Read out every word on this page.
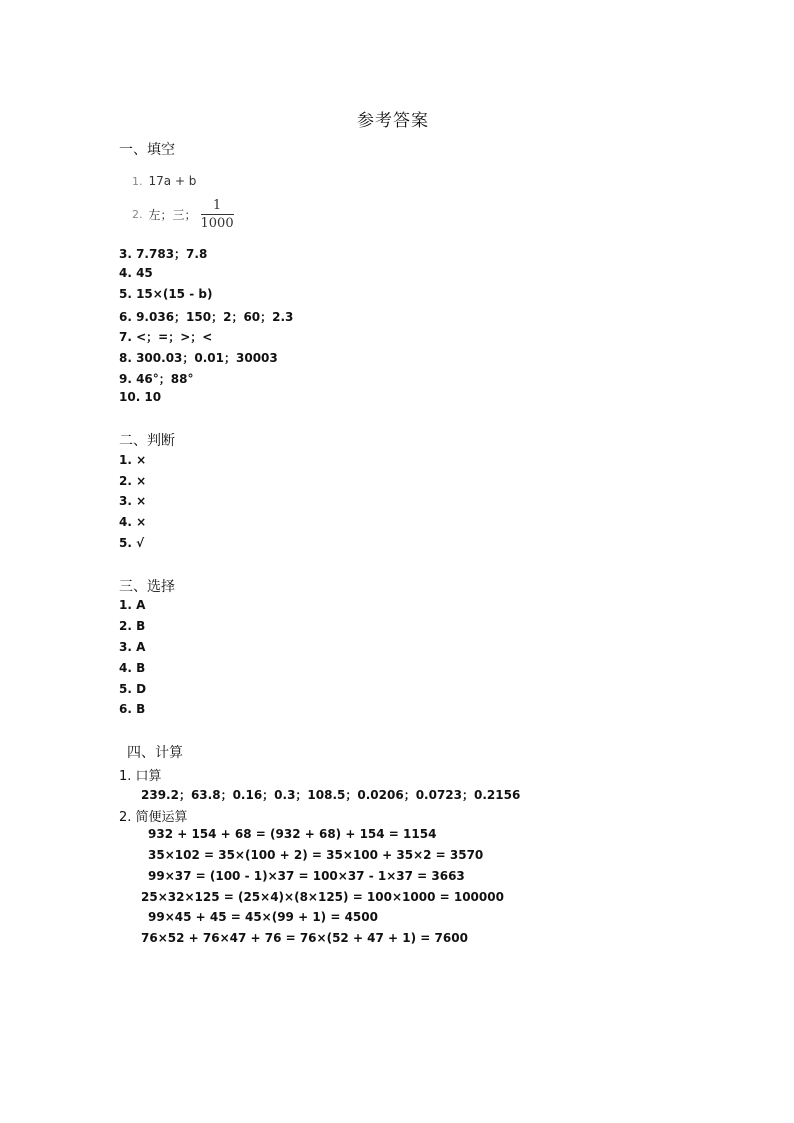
参考答案
一、填空
1. 17a + b
2. 左；三； $\frac{1}{1000}$
3. 7.783；7.8
4. 45
5. 15×(15 - b)
6. 9.036；150；2；60；2.3
7. <；=；>；<
8. 300.03；0.01；30003
9. 46°；88°
10. 10
二、判断
1. ×
2. ×
3. ×
4. ×
5. √
三、选择
1. A
2. B
3. A
4. B
5. D
6. B
四、计算
1. 口算
239.2；63.8；0.16；0.3；108.5；0.0206；0.0723；0.2156
2. 简便运算
932 + 154 + 68 = (932 + 68) + 154 = 1154
35×102 = 35×(100 + 2) = 35×100 + 35×2 = 3570
99×37 = (100 - 1)×37 = 100×37 - 1×37 = 3663
25×32×125 = (25×4)×(8×125) = 100×1000 = 100000
99×45 + 45 = 45×(99 + 1) = 4500
76×52 + 76×47 + 76 = 76×(52 + 47 + 1) = 7600
